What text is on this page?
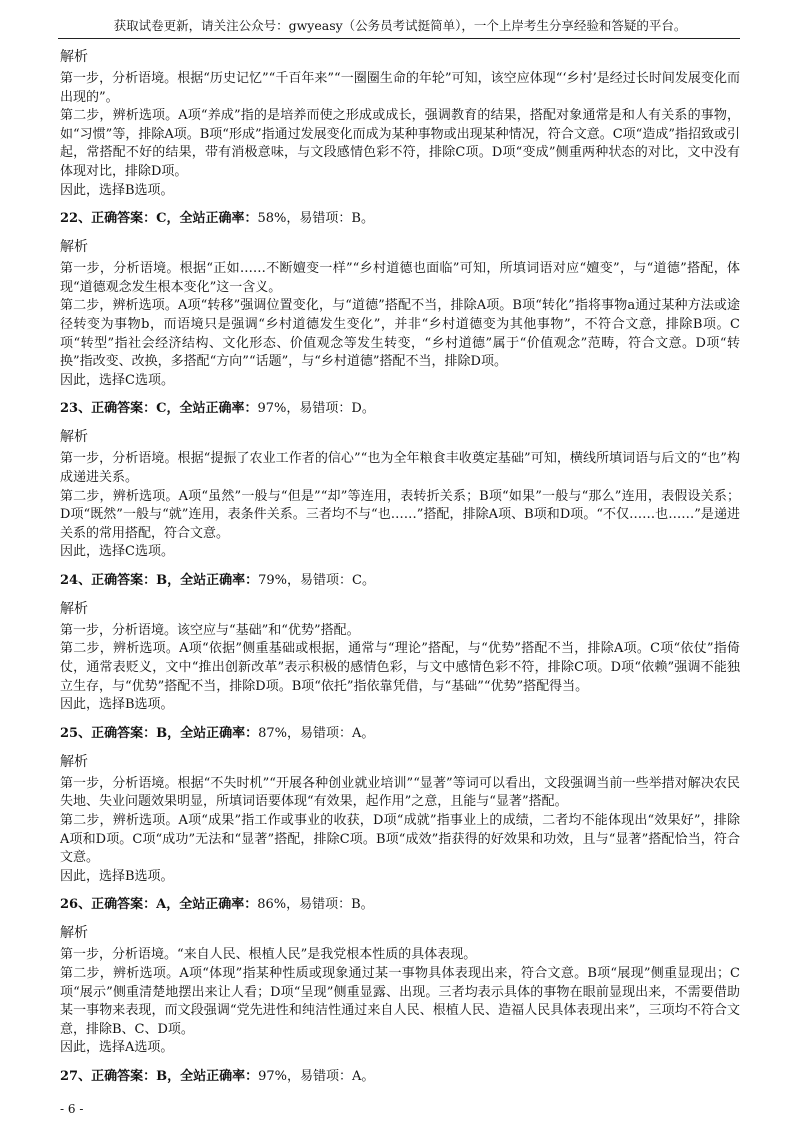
获取试卷更新，请关注公众号：gwyeasy（公务员考试挺简单），一个上岸考生分享经验和答疑的平台。
解析

第一步，分析语境。根据“历史记忆”“千百年来”“一圈圈生命的年轮”可知，该空应体现“‘乡村’是经过长时间发展变化而出现的”。

第二步，辨析选项。A项“养成”指的是培养而使之形成或成长，强调教育的结果，搭配对象通常是和人有关系的事物，如“习惯”等，排除A项。B项“形成”指通过发展变化而成为某种事物或出现某种情况，符合文意。C项“造成”指招致或引起，常搭配不好的结果，带有消极意味，与文段感情色彩不符，排除C项。D项“变成”侧重两种状态的对比，文中没有体现对比，排除D项。

因此，选择B选项。

22、正确答案：C，全站正确率：58%，易错项：B。
解析

第一步，分析语境。根据“正如……不断嬗变一样”“乡村道德也面临”可知，所填词语对应“嬗变”，与“道德”搭配，体现“道德观念发生根本变化”这一含义。

第二步，辨析选项。A项“转移”强调位置变化，与“道德”搭配不当，排除A项。B项“转化”指将事物a通过某种方法或途径转变为事物b，而语境只是强调“乡村道德发生变化”，并非“乡村道德变为其他事物”，不符合文意，排除B项。C项“转型”指社会经济结构、文化形态、价值观念等发生转变，“乡村道德”属于“价值观念”范畴，符合文意。D项“转换”指改变、改换，多搭配“方向”“话题”，与“乡村道德”搭配不当，排除D项。

因此，选择C选项。

23、正确答案：C，全站正确率：97%，易错项：D。
解析

第一步，分析语境。根据“提振了农业工作者的信心”“也为全年粮食丰收奠定基础”可知，横线所填词语与后文的“也”构成递进关系。

第二步，辨析选项。A项“虽然”一般与“但是”“却”等连用，表转折关系；B项“如果”一般与“那么”连用，表假设关系；D项“既然”一般与“就”连用，表条件关系。三者均不与“也……”搭配，排除A项、B项和D项。“不仅……也……”是递进关系的常用搭配，符合文意。

因此，选择C选项。

24、正确答案：B，全站正确率：79%，易错项：C。
解析

第一步，分析语境。该空应与“基础”和“优势”搭配。

第二步，辨析选项。A项“依据”侧重基础或根据，通常与“理论”搭配，与“优势”搭配不当，排除A项。C项“依仗”指倚仗，通常表贬义，文中“推出创新改革”表示积极的感情色彩，与文中感情色彩不符，排除C项。D项“依赖”强调不能独立生存，与“优势”搭配不当，排除D项。B项“依托”指依靠凭借，与“基础”“优势”搭配得当。

因此，选择B选项。

25、正确答案：B，全站正确率：87%，易错项：A。
解析

第一步，分析语境。根据“不失时机”“开展各种创业就业培训”“显著”等词可以看出，文段强调当前一些举措对解决农民失地、失业问题效果明显，所填词语要体现“有效果，起作用”之意，且能与“显著”搭配。

第二步，辨析选项。A项“成果”指工作或事业的收获，D项“成就”指事业上的成绩，二者均不能体现出“效果好”，排除A项和D项。C项“成功”无法和“显著”搭配，排除C项。B项“成效”指获得的好效果和功效，且与“显著”搭配恰当，符合文意。

因此，选择B选项。

26、正确答案：A，全站正确率：86%，易错项：B。
解析

第一步，分析语境。“来自人民、根植人民”是我党根本性质的具体表现。

第二步，辨析选项。A项“体现”指某种性质或现象通过某一事物具体表现出来，符合文意。B项“展现”侧重显现出；C项“展示”侧重清楚地摆出来让人看；D项“呈现”侧重显露、出现。三者均表示具体的事物在眼前显现出来，不需要借助某一事物来表现，而文段强调“党先进性和纯洁性通过来自人民、根植人民、造福人民具体表现出来”，三项均不符合文意，排除B、C、D项。

因此，选择A选项。

27、正确答案：B，全站正确率：97%，易错项：A。
- 6 -
